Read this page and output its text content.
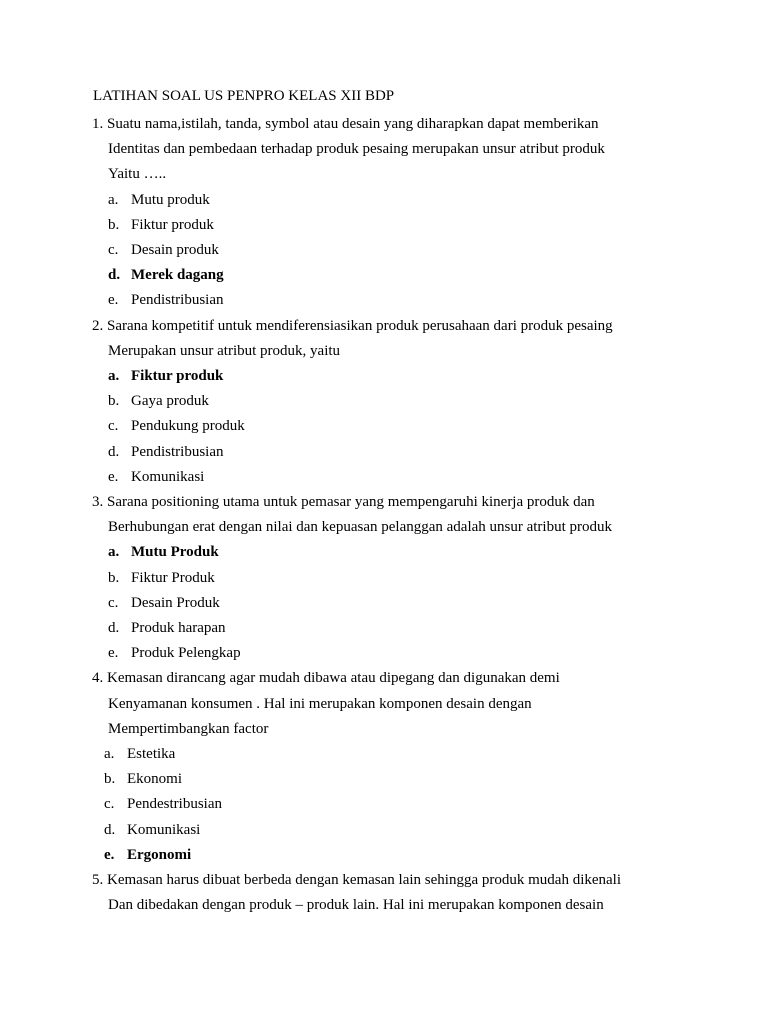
LATIHAN SOAL US PENPRO KELAS XII BDP
1. Suatu nama,istilah, tanda, symbol atau desain yang diharapkan dapat memberikan
Identitas dan pembedaan terhadap produk pesaing merupakan unsur atribut produk
Yaitu …..
a. Mutu produk
b. Fiktur produk
c. Desain produk
d. Merek dagang
e. Pendistribusian
2. Sarana kompetitif untuk mendiferensiasikan produk perusahaan dari produk pesaing
Merupakan unsur atribut produk, yaitu
a. Fiktur produk
b. Gaya produk
c. Pendukung produk
d. Pendistribusian
e. Komunikasi
3. Sarana positioning utama untuk pemasar yang mempengaruhi kinerja produk dan
Berhubungan erat dengan nilai dan kepuasan pelanggan adalah unsur atribut produk
a. Mutu Produk
b. Fiktur Produk
c. Desain Produk
d. Produk harapan
e. Produk Pelengkap
4. Kemasan dirancang agar mudah dibawa atau dipegang dan digunakan demi
Kenyamanan konsumen . Hal ini merupakan komponen desain dengan
Mempertimbangkan factor
a. Estetika
b. Ekonomi
c. Pendestribusian
d. Komunikasi
e. Ergonomi
5. Kemasan harus dibuat berbeda dengan kemasan lain sehingga produk mudah dikenali
Dan dibedakan dengan produk – produk lain. Hal ini merupakan komponen desain
